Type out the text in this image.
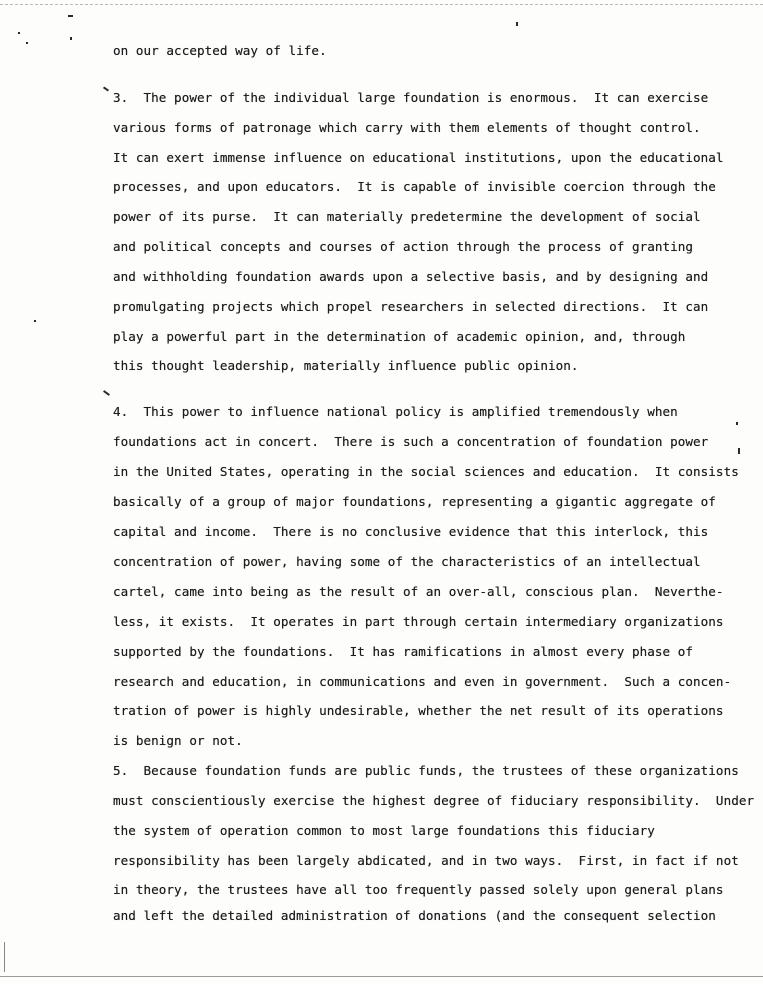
on our accepted way of life.
3.  The power of the individual large foundation is enormous.  It can exercise
various forms of patronage which carry with them elements of thought control.
It can exert immense influence on educational institutions, upon the educational
processes, and upon educators.  It is capable of invisible coercion through the
power of its purse.  It can materially predetermine the development of social
and political concepts and courses of action through the process of granting
and withholding foundation awards upon a selective basis, and by designing and
promulgating projects which propel researchers in selected directions.  It can
play a powerful part in the determination of academic opinion, and, through
this thought leadership, materially influence public opinion.
4.  This power to influence national policy is amplified tremendously when
foundations act in concert.  There is such a concentration of foundation power
in the United States, operating in the social sciences and education.  It consists
basically of a group of major foundations, representing a gigantic aggregate of
capital and income.  There is no conclusive evidence that this interlock, this
concentration of power, having some of the characteristics of an intellectual
cartel, came into being as the result of an over-all, conscious plan.  Neverthe-
less, it exists.  It operates in part through certain intermediary organizations
supported by the foundations.  It has ramifications in almost every phase of
research and education, in communications and even in government.  Such a concen-
tration of power is highly undesirable, whether the net result of its operations
is benign or not.
5.  Because foundation funds are public funds, the trustees of these organizations
must conscientiously exercise the highest degree of fiduciary responsibility.  Under
the system of operation common to most large foundations this fiduciary
responsibility has been largely abdicated, and in two ways.  First, in fact if not
in theory, the trustees have all too frequently passed solely upon general plans
and left the detailed administration of donations (and the consequent selection
